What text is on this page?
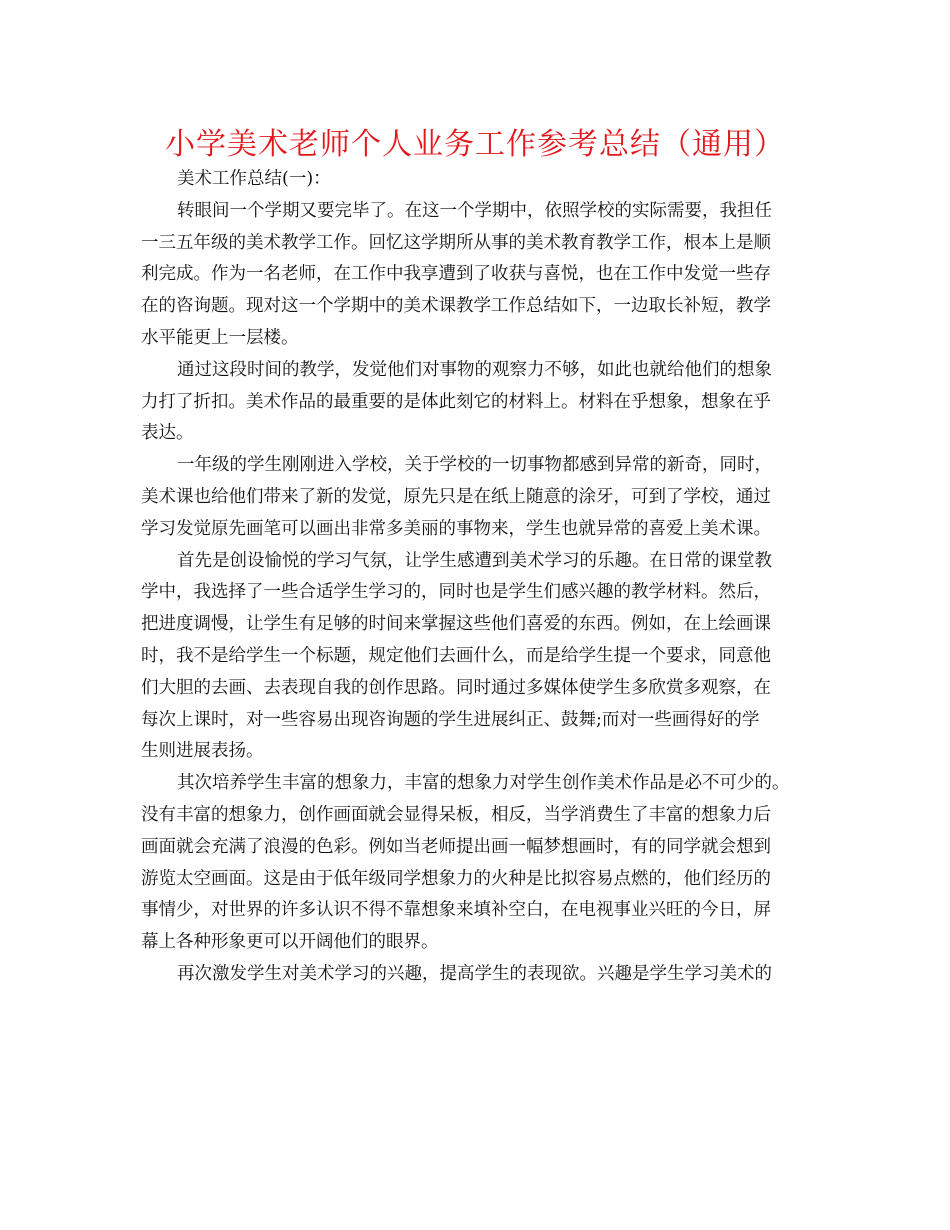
小学美术老师个人业务工作参考总结（通用）
美术工作总结(一)：
转眼间一个学期又要完毕了。在这一个学期中，依照学校的实际需要，我担任
一三五年级的美术教学工作。回忆这学期所从事的美术教育教学工作，根本上是顺
利完成。作为一名老师，在工作中我享遭到了收获与喜悦，也在工作中发觉一些存
在的咨询题。现对这一个学期中的美术课教学工作总结如下，一边取长补短，教学
水平能更上一层楼。
通过这段时间的教学，发觉他们对事物的观察力不够，如此也就给他们的想象
力打了折扣。美术作品的最重要的是体此刻它的材料上。材料在乎想象，想象在乎
表达。
一年级的学生刚刚进入学校，关于学校的一切事物都感到异常的新奇，同时，
美术课也给他们带来了新的发觉，原先只是在纸上随意的涂牙，可到了学校，通过
学习发觉原先画笔可以画出非常多美丽的事物来，学生也就异常的喜爱上美术课。
首先是创设愉悦的学习气氛，让学生感遭到美术学习的乐趣。在日常的课堂教
学中，我选择了一些合适学生学习的，同时也是学生们感兴趣的教学材料。然后，
把进度调慢，让学生有足够的时间来掌握这些他们喜爱的东西。例如，在上绘画课
时，我不是给学生一个标题，规定他们去画什么，而是给学生提一个要求，同意他
们大胆的去画、去表现自我的创作思路。同时通过多媒体使学生多欣赏多观察，在
每次上课时，对一些容易出现咨询题的学生进展纠正、鼓舞;而对一些画得好的学
生则进展表扬。
其次培养学生丰富的想象力，丰富的想象力对学生创作美术作品是必不可少的。
没有丰富的想象力，创作画面就会显得呆板，相反，当学消费生了丰富的想象力后
画面就会充满了浪漫的色彩。例如当老师提出画一幅梦想画时，有的同学就会想到
游览太空画面。这是由于低年级同学想象力的火种是比拟容易点燃的，他们经历的
事情少，对世界的许多认识不得不靠想象来填补空白，在电视事业兴旺的今日，屏
幕上各种形象更可以开阔他们的眼界。
再次激发学生对美术学习的兴趣，提高学生的表现欲。兴趣是学生学习美术的
